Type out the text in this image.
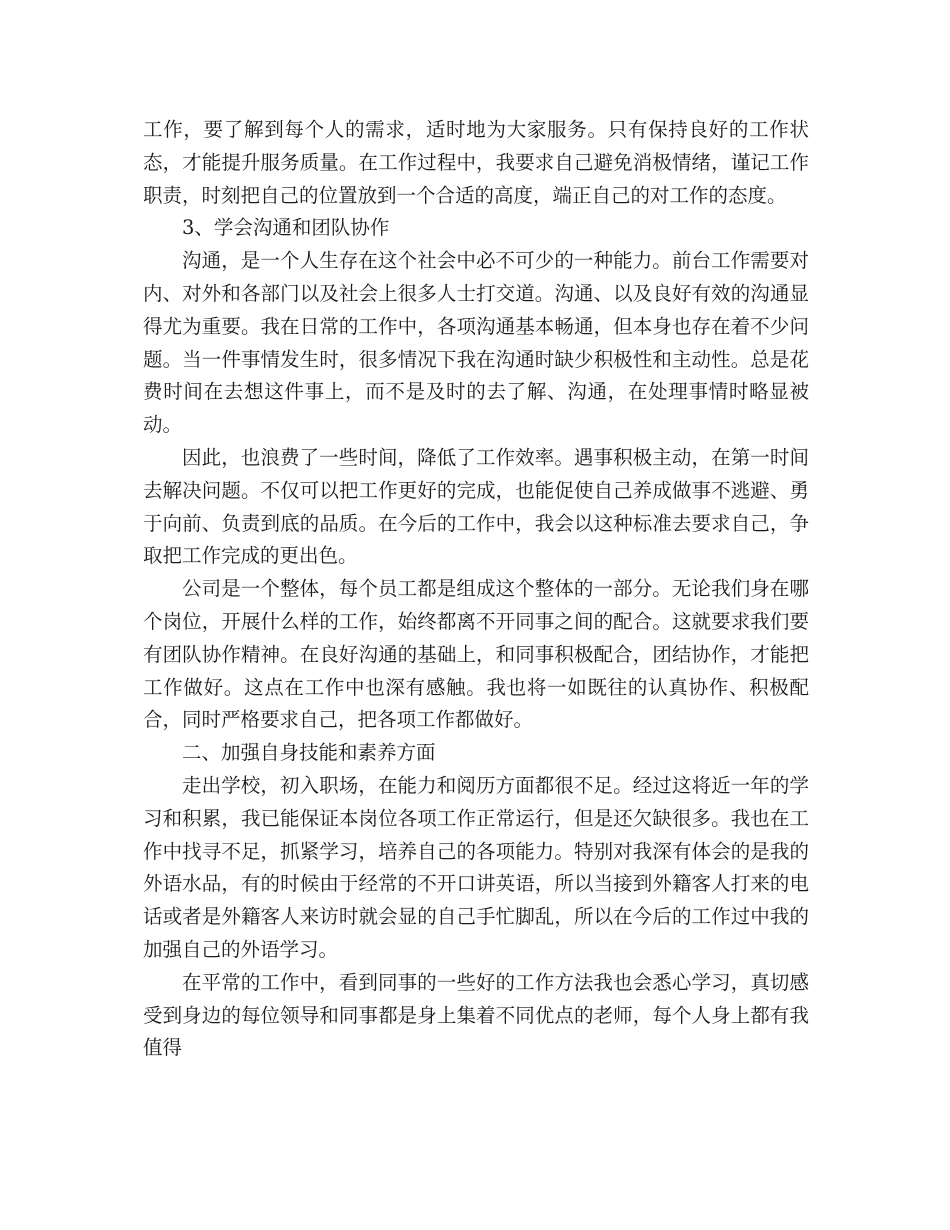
工作，要了解到每个人的需求，适时地为大家服务。只有保持良好的工作状态，才能提升服务质量。在工作过程中，我要求自己避免消极情绪，谨记工作职责，时刻把自己的位置放到一个合适的高度，端正自己的对工作的态度。

3、学会沟通和团队协作

沟通，是一个人生存在这个社会中必不可少的一种能力。前台工作需要对内、对外和各部门以及社会上很多人士打交道。沟通、以及良好有效的沟通显得尤为重要。我在日常的工作中，各项沟通基本畅通，但本身也存在着不少问题。当一件事情发生时，很多情况下我在沟通时缺少积极性和主动性。总是花费时间在去想这件事上，而不是及时的去了解、沟通，在处理事情时略显被动。

因此，也浪费了一些时间，降低了工作效率。遇事积极主动，在第一时间去解决问题。不仅可以把工作更好的完成，也能促使自己养成做事不逃避、勇于向前、负责到底的品质。在今后的工作中，我会以这种标准去要求自己，争取把工作完成的更出色。

公司是一个整体，每个员工都是组成这个整体的一部分。无论我们身在哪个岗位，开展什么样的工作，始终都离不开同事之间的配合。这就要求我们要有团队协作精神。在良好沟通的基础上，和同事积极配合，团结协作，才能把工作做好。这点在工作中也深有感触。我也将一如既往的认真协作、积极配合，同时严格要求自己，把各项工作都做好。

二、加强自身技能和素养方面

走出学校，初入职场，在能力和阅历方面都很不足。经过这将近一年的学习和积累，我已能保证本岗位各项工作正常运行，但是还欠缺很多。我也在工作中找寻不足，抓紧学习，培养自己的各项能力。特别对我深有体会的是我的外语水品，有的时候由于经常的不开口讲英语，所以当接到外籍客人打来的电话或者是外籍客人来访时就会显的自己手忙脚乱，所以在今后的工作过中我的加强自己的外语学习。

在平常的工作中，看到同事的一些好的工作方法我也会悉心学习，真切感受到身边的每位领导和同事都是身上集着不同优点的老师，每个人身上都有我值得
